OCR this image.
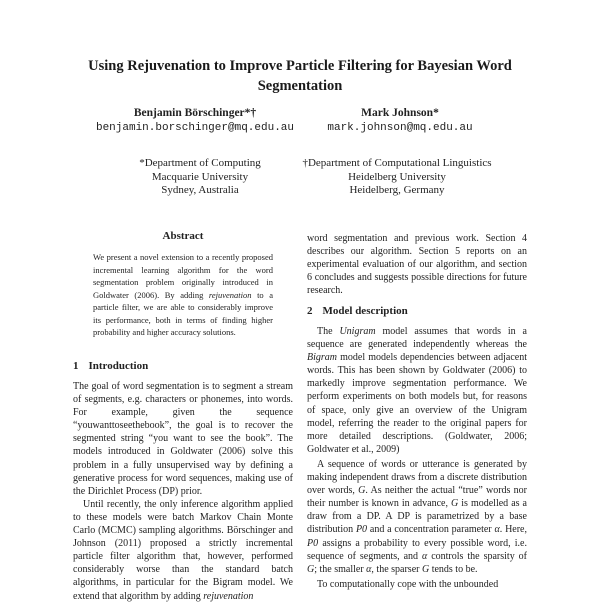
Using Rejuvenation to Improve Particle Filtering for Bayesian Word
Segmentation
Benjamin Börschinger*†
benjamin.borschinger@mq.edu.au
Mark Johnson*
mark.johnson@mq.edu.au
*Department of Computing
Macquarie University
Sydney, Australia
†Department of Computational Linguistics
Heidelberg University
Heidelberg, Germany
Abstract
We present a novel extension to a recently proposed incremental learning algorithm for the word segmentation problem originally introduced in Goldwater (2006). By adding rejuvenation to a particle filter, we are able to considerably improve its performance, both in terms of finding higher probability and higher accuracy solutions.
1 Introduction

The goal of word segmentation is to segment a stream of segments, e.g. characters or phonemes, into words. For example, given the sequence “youwanttoseethebook”, the goal is to recover the segmented string “you want to see the book”. The models introduced in Goldwater (2006) solve this problem in a fully unsupervised way by defining a generative process for word sequences, making use of the Dirichlet Process (DP) prior.

Until recently, the only inference algorithm applied to these models were batch Markov Chain Monte Carlo (MCMC) sampling algorithms. Börschinger and Johnson (2011) proposed a strictly incremental particle filter algorithm that, however, performed considerably worse than the standard batch algorithms, in particular for the Bigram model. We extend that algorithm by adding rejuvenation

word segmentation and previous work. Section 4 describes our algorithm. Section 5 reports on an experimental evaluation of our algorithm, and section 6 concludes and suggests possible directions for future research.

2 Model description

The Unigram model assumes that words in a sequence are generated independently whereas the Bigram model models dependencies between adjacent words. This has been shown by Goldwater (2006) to markedly improve segmentation performance. We perform experiments on both models but, for reasons of space, only give an overview of the Unigram model, referring the reader to the original papers for more detailed descriptions. (Goldwater, 2006; Goldwater et al., 2009)

A sequence of words or utterance is generated by making independent draws from a discrete distribution over words, G. As neither the actual “true” words nor their number is known in advance, G is modelled as a draw from a DP. A DP is parametrized by a base distribution P0 and a concentration parameter α. Here, P0 assigns a probability to every possible word, i.e. sequence of segments, and α controls the sparsity of G; the smaller α, the sparser G tends to be.

To computationally cope with the unbounded
